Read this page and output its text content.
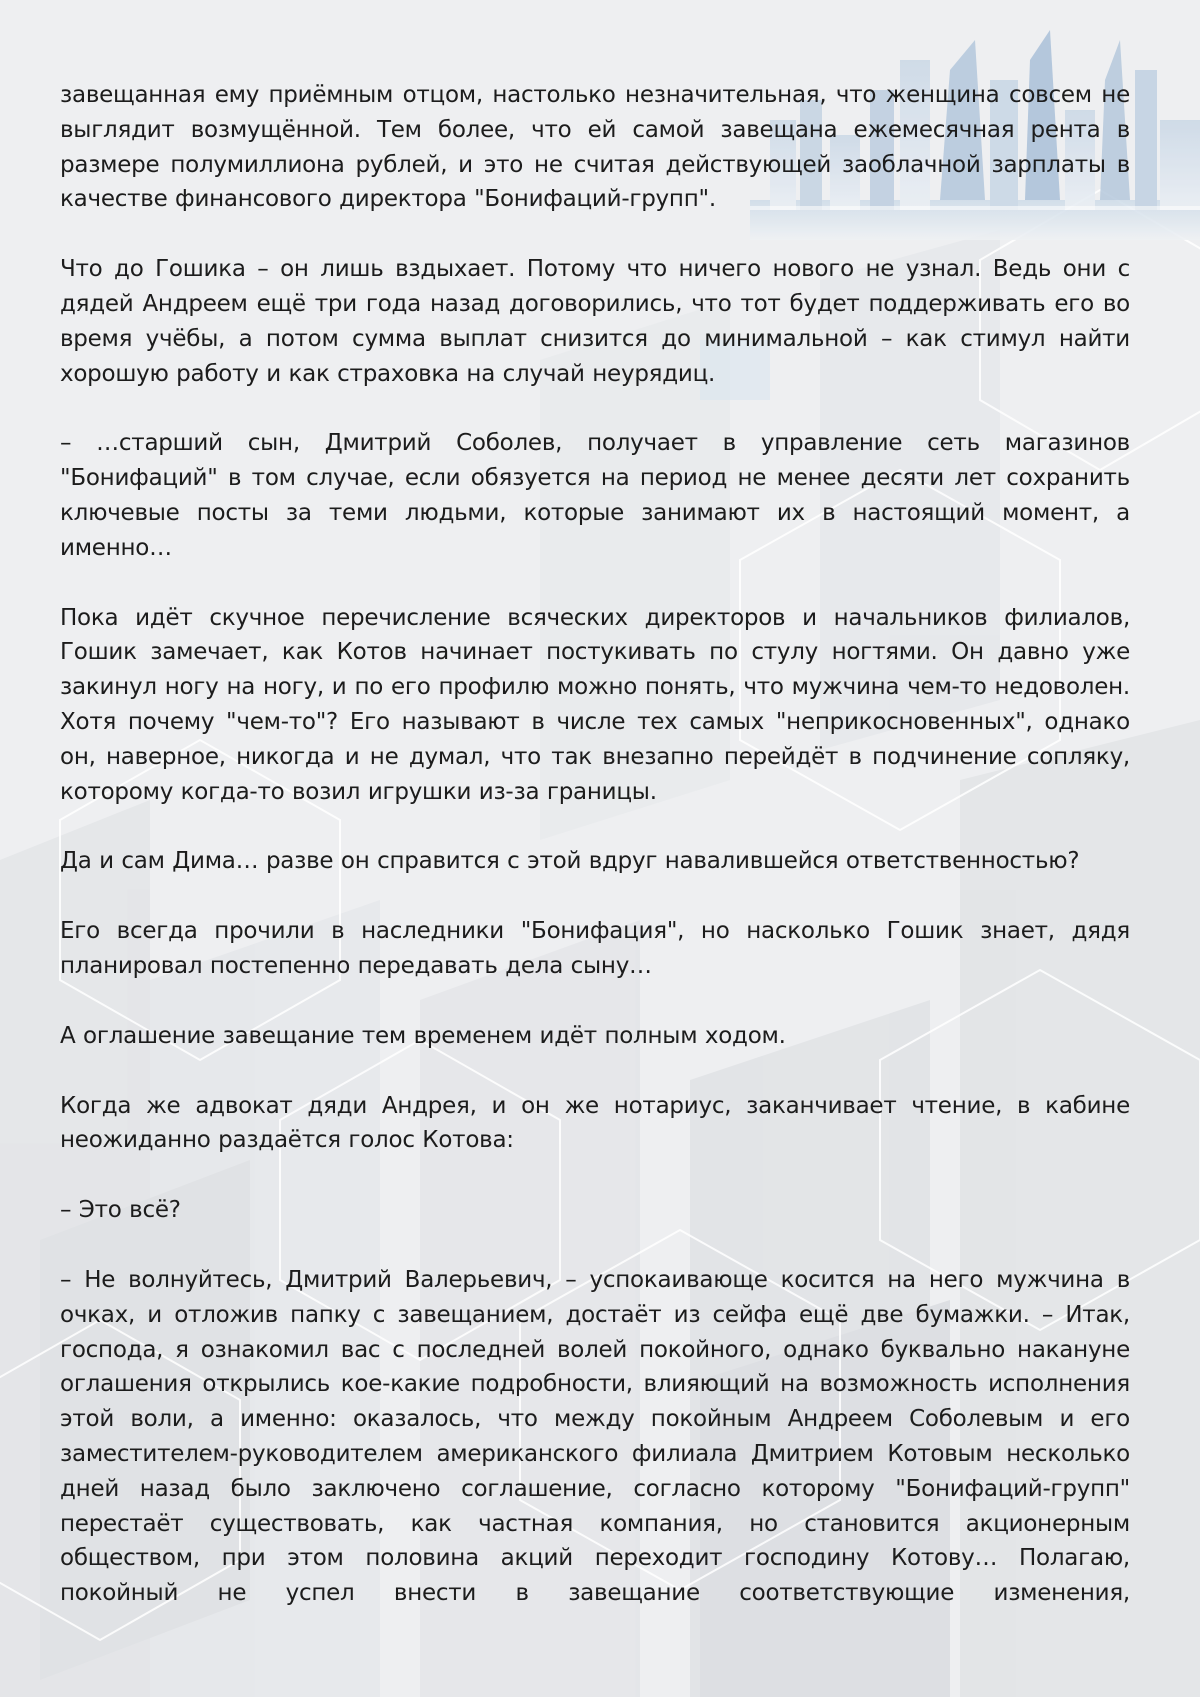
завещанная ему приёмным отцом, настолько незначительная, что женщина совсем не выглядит возмущённой. Тем более, что ей самой завещана ежемесячная рента в размере полумиллиона рублей, и это не считая действующей заоблачной зарплаты в качестве финансового директора "Бонифаций-групп".

Что до Гошика – он лишь вздыхает. Потому что ничего нового не узнал. Ведь они с дядей Андреем ещё три года назад договорились, что тот будет поддерживать его во время учёбы, а потом сумма выплат снизится до минимальной – как стимул найти хорошую работу и как страховка на случай неурядиц.

– …старший сын, Дмитрий Соболев, получает в управление сеть магазинов "Бонифаций" в том случае, если обязуется на период не менее десяти лет сохранить ключевые посты за теми людьми, которые занимают их в настоящий момент, а именно…

Пока идёт скучное перечисление всяческих директоров и начальников филиалов, Гошик замечает, как Котов начинает постукивать по стулу ногтями. Он давно уже закинул ногу на ногу, и по его профилю можно понять, что мужчина чем-то недоволен. Хотя почему "чем-то"? Его называют в числе тех самых "неприкосновенных", однако он, наверное, никогда и не думал, что так внезапно перейдёт в подчинение сопляку, которому когда-то возил игрушки из-за границы.

Да и сам Дима… разве он справится с этой вдруг навалившейся ответственностью?

Его всегда прочили в наследники "Бонифация", но насколько Гошик знает, дядя планировал постепенно передавать дела сыну…

А оглашение завещание тем временем идёт полным ходом.

Когда же адвокат дяди Андрея, и он же нотариус, заканчивает чтение, в кабине неожиданно раздаётся голос Котова:

– Это всё?

– Не волнуйтесь, Дмитрий Валерьевич, – успокаивающе косится на него мужчина в очках, и отложив папку с завещанием, достаёт из сейфа ещё две бумажки. – Итак, господа, я ознакомил вас с последней волей покойного, однако буквально накануне оглашения открылись кое-какие подробности, влияющий на возможность исполнения этой воли, а именно: оказалось, что между покойным Андреем Соболевым и его заместителем-руководителем американского филиала Дмитрием Котовым несколько дней назад было заключено соглашение, согласно которому "Бонифаций-групп" перестаёт существовать, как частная компания, но становится акционерным обществом, при этом половина акций переходит господину Котову… Полагаю, покойный не успел внести в завещание соответствующие изменения,
